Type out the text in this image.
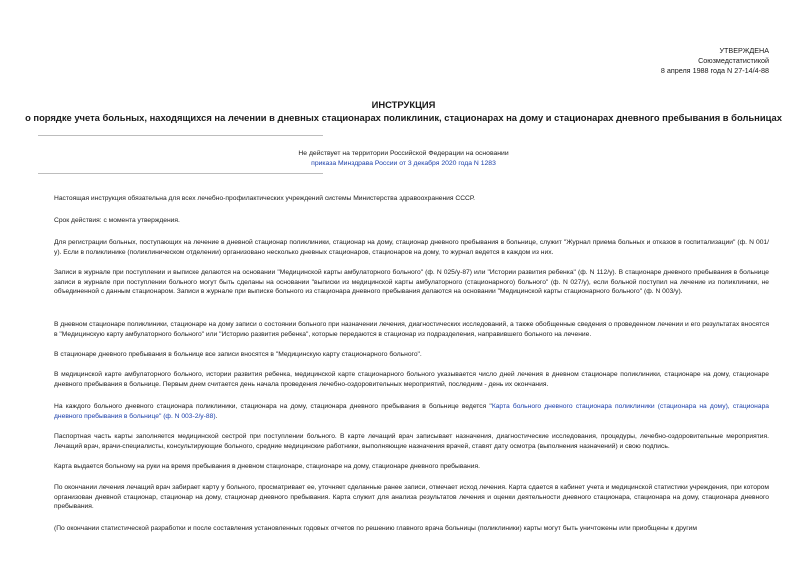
УТВЕРЖДЕНА
Союзмедстатистикой
8 апреля 1988 года N 27-14/4-88
ИНСТРУКЦИЯ
о порядке учета больных, находящихся на лечении в дневных стационарах поликлиник, стационарах на дому и стационарах дневного пребывания в больницах
Не действует на территории Российской Федерации на основании
приказа Минздрава России от 3 декабря 2020 года N 1283
Настоящая инструкция обязательна для всех лечебно-профилактических учреждений системы Министерства здравоохранения СССР.
Срок действия: с момента утверждения.
Для регистрации больных, поступающих на лечение в дневной стационар поликлиники, стационар на дому, стационар дневного пребывания в больнице, служит "Журнал приема больных и отказов в госпитализации" (ф. N 001/у). Если в поликлинике (поликлиническом отделении) организовано несколько дневных стационаров, стационаров на дому, то журнал ведется в каждом из них.
Записи в журнале при поступлении и выписке делаются на основании "Медицинской карты амбулаторного больного" (ф. N 025/у-87) или "Истории развития ребенка" (ф. N 112/у). В стационаре дневного пребывания в больнице записи в журнале при поступлении больного могут быть сделаны на основании "выписки из медицинской карты амбулаторного (стационарного) больного" (ф. N 027/у), если больной поступил на лечение из поликлиники, не объединенной с данным стационаром. Записи в журнале при выписке больного из стационара дневного пребывания делаются на основании "Медицинской карты стационарного больного" (ф. N 003/у).
В дневном стационаре поликлиники, стационаре на дому записи о состоянии больного при назначении лечения, диагностических исследований, а также обобщенные сведения о проведенном лечении и его результатах вносятся в "Медицинскую карту амбулаторного больного" или "Историю развития ребенка", которые передаются в стационар из подразделения, направившего больного на лечение.
В стационаре дневного пребывания в больнице все записи вносятся в "Медицинскую карту стационарного больного".
В медицинской карте амбулаторного больного, истории развития ребенка, медицинской карте стационарного больного указывается число дней лечения в дневном стационаре поликлиники, стационаре на дому, стационаре дневного пребывания в больнице. Первым днем считается день начала проведения лечебно-оздоровительных мероприятий, последним - день их окончания.
На каждого больного дневного стационара поликлиники, стационара на дому, стационара дневного пребывания в больнице ведется "Карта больного дневного стационара поликлиники (стационара на дому), стационара дневного пребывания в больнице" (ф. N 003-2/у-88).
Паспортная часть карты заполняется медицинской сестрой при поступлении больного. В карте лечащий врач записывает назначения, диагностические исследования, процедуры, лечебно-оздоровительные мероприятия. Лечащий врач, врачи-специалисты, консультирующие больного, средние медицинские работники, выполняющие назначения врачей, ставят дату осмотра (выполнения назначений) и свою подпись.
Карта выдается больному на руки на время пребывания в дневном стационаре, стационаре на дому, стационаре дневного пребывания.
По окончании лечения лечащий врач забирает карту у больного, просматривает ее, уточняет сделанные ранее записи, отмечает исход лечения. Карта сдается в кабинет учета и медицинской статистики учреждения, при котором организован дневной стационар, стационар на дому, стационар дневного пребывания. Карта служит для анализа результатов лечения и оценки деятельности дневного стационара, стационара на дому, стационара дневного пребывания.
(По окончании статистической разработки и после составления установленных годовых отчетов по решению главного врача больницы (поликлиники) карты могут быть уничтожены или приобщены к другим
